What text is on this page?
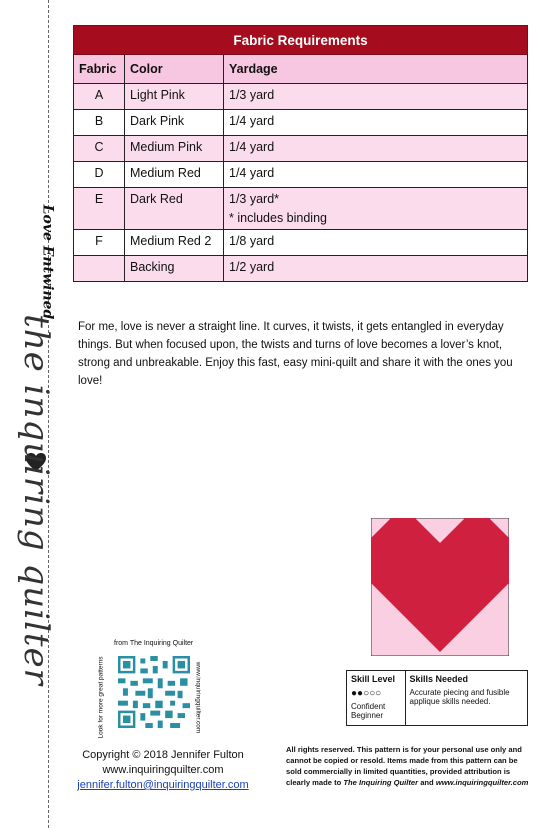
Love Entwined
the inquiring quilter
Fabric Requirements		
Fabric	Color	Yardage
A	Light Pink	1/3 yard
B	Dark Pink	1/4 yard
C	Medium Pink	1/4 yard
D	Medium Red	1/4 yard
E	Dark Red	1/3 yard*
* includes binding

F	Medium Red 2	1/8 yard
	Backing	1/2 yard

For me, love is never a straight line. It curves, it twists, it gets entangled in everyday things. But when focused upon, the twists and turns of love becomes a lover’s knot, strong and unbreakable. Enjoy this fast, easy mini-quilt and share it with the ones you love!

from The Inquiring Quilter
Look for more great patterns	www.inquiringquilter.com	Skill Level
●●○○○
Confident Beginner
Skills Needed
Accurate piecing and fusible applique skills needed.
Copyright © 2018 Jennifer Fulton
www.inquiringquilter.com
jennifer.fulton@inquiringquilter.com
All rights reserved. This pattern is for your personal use only and cannot be copied or resold. Items made from this pattern can be sold commercially in limited quantities, provided attribution is clearly made to The Inquiring Quilter and www.inquiringquilter.com
